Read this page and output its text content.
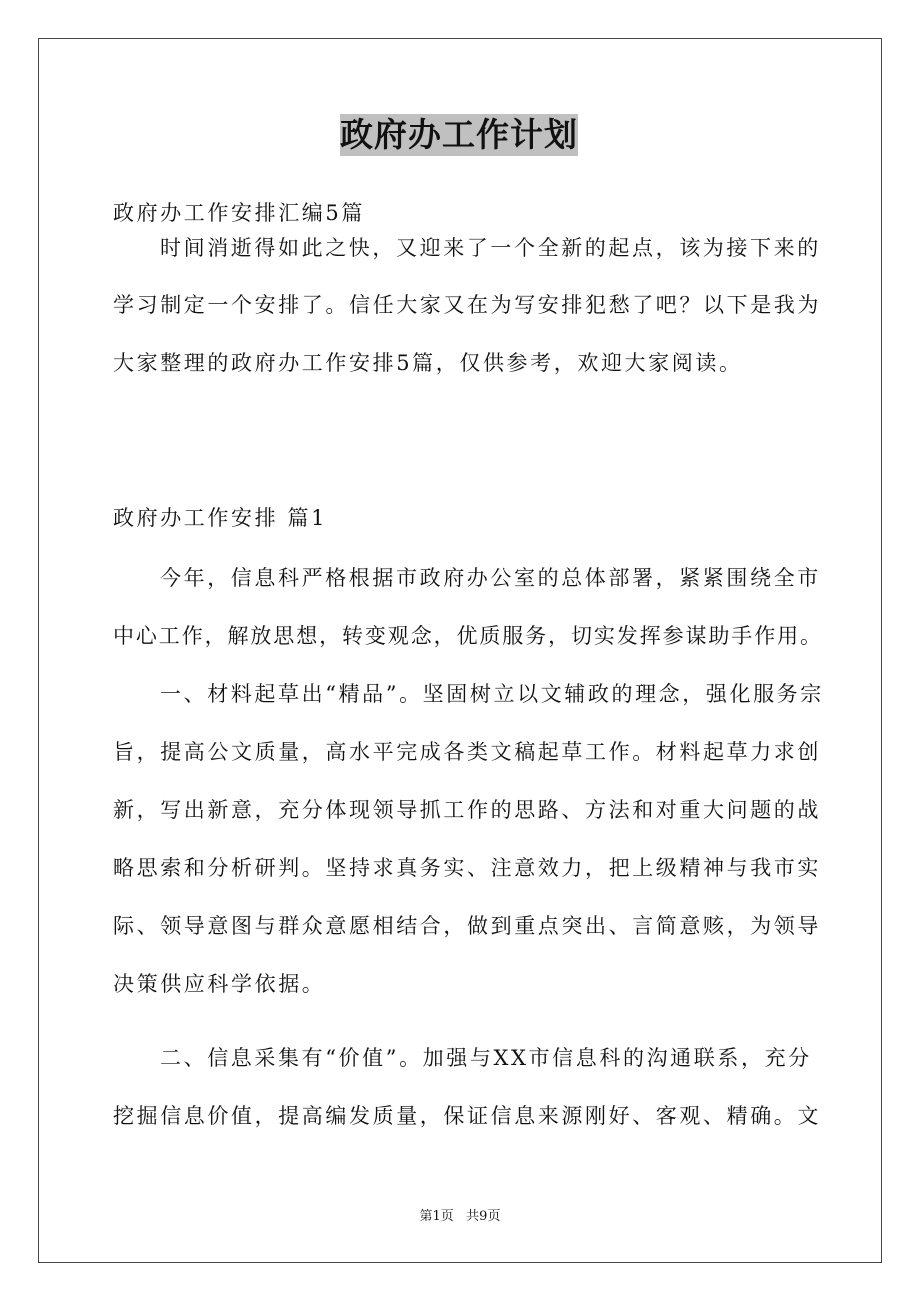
政府办工作计划
政府办工作安排汇编5篇
时间消逝得如此之快，又迎来了一个全新的起点，该为接下来的
学习制定一个安排了。信任大家又在为写安排犯愁了吧？以下是我为
大家整理的政府办工作安排5篇，仅供参考，欢迎大家阅读。
政府办工作安排 篇1
今年，信息科严格根据市政府办公室的总体部署，紧紧围绕全市
中心工作，解放思想，转变观念，优质服务，切实发挥参谋助手作用。
一、材料起草出“精品”。坚固树立以文辅政的理念，强化服务宗
旨，提高公文质量，高水平完成各类文稿起草工作。材料起草力求创
新，写出新意，充分体现领导抓工作的思路、方法和对重大问题的战
略思索和分析研判。坚持求真务实、注意效力，把上级精神与我市实
际、领导意图与群众意愿相结合，做到重点突出、言简意赅，为领导
决策供应科学依据。
二、信息采集有“价值”。加强与XX市信息科的沟通联系，充分
挖掘信息价值，提高编发质量，保证信息来源刚好、客观、精确。文
第1页   共9页
